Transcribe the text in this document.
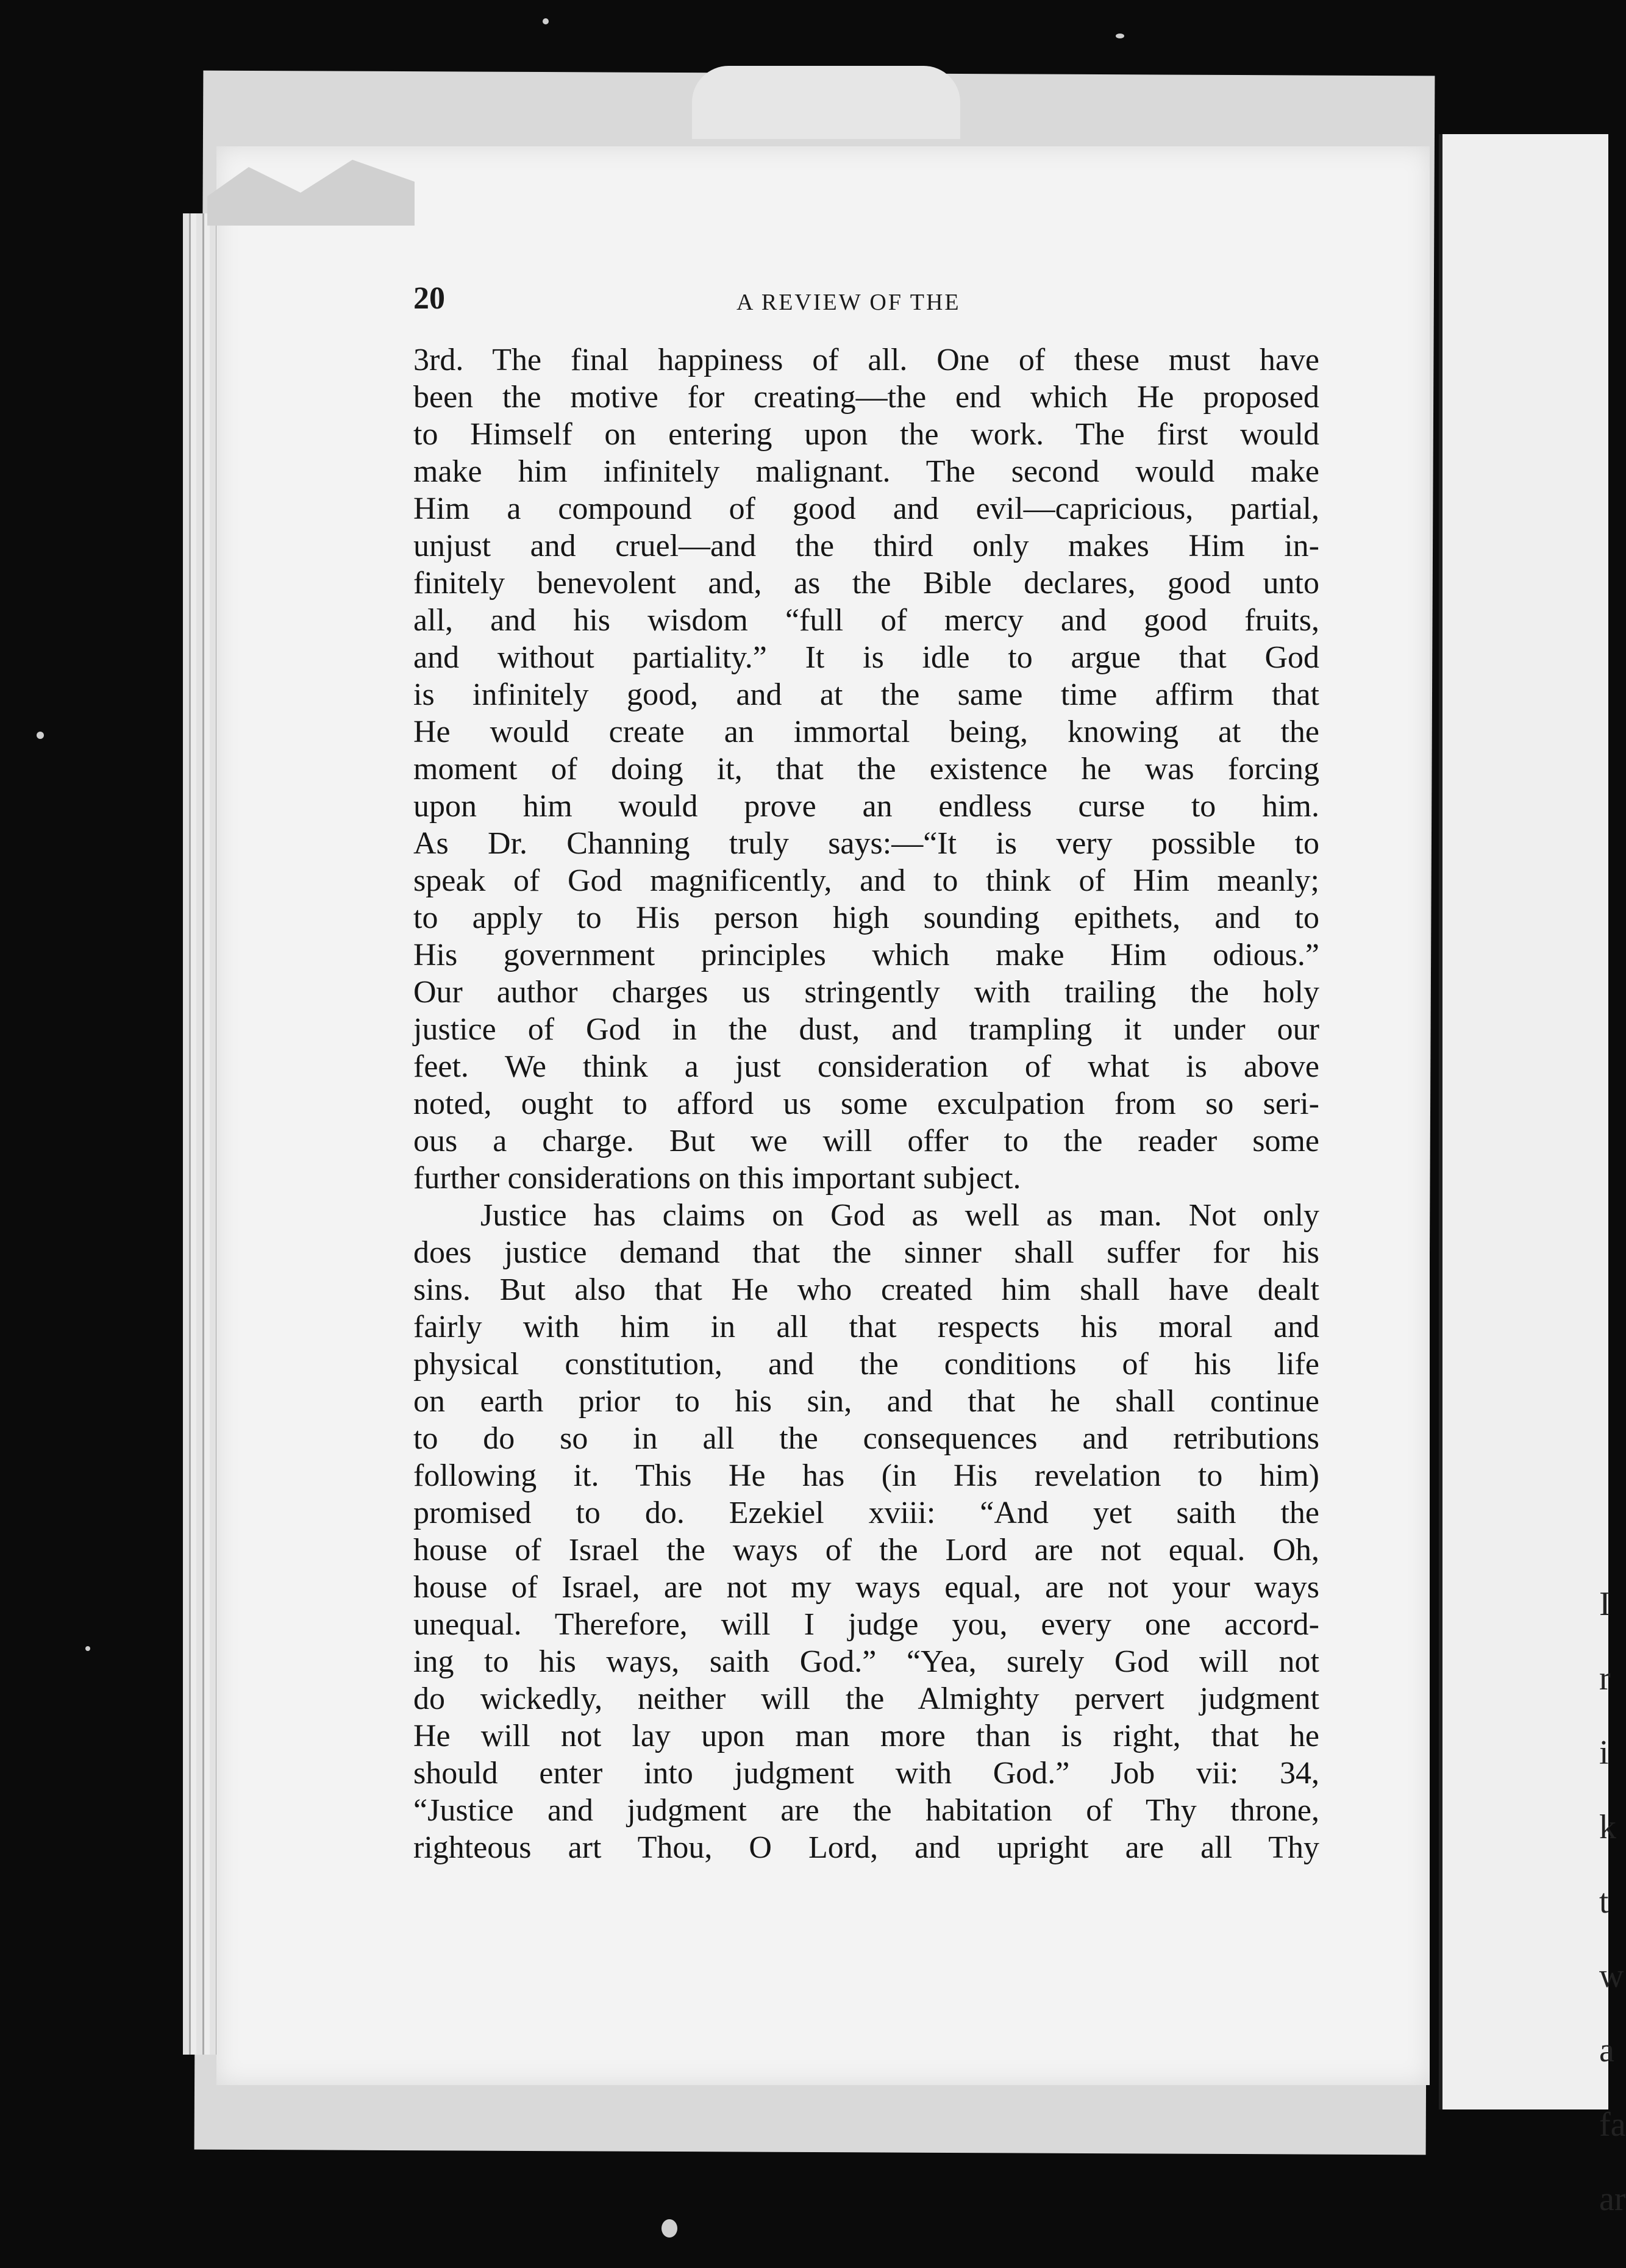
I

r

i

k

t

w

a

fa

ar

20	A REVIEW OF THE
3rd. The final happiness of all. One of these must have
been the motive for creating—the end which He proposed
to Himself on entering upon the work. The first would
make him infinitely malignant. The second would make
Him a compound of good and evil—capricious, partial,
unjust and cruel—and the third only makes Him in-
finitely benevolent and, as the Bible declares, good unto
all, and his wisdom “full of mercy and good fruits,
and without partiality.” It is idle to argue that God
is infinitely good, and at the same time affirm that
He would create an immortal being, knowing at the
moment of doing it, that the existence he was forcing
upon him would prove an endless curse to him.
As Dr. Channing truly says:—“It is very possible to
speak of God magnificently, and to think of Him meanly;
to apply to His person high sounding epithets, and to
His government principles which make Him odious.”
Our author charges us stringently with trailing the holy
justice of God in the dust, and trampling it under our
feet. We think a just consideration of what is above
noted, ought to afford us some exculpation from so seri-
ous a charge. But we will offer to the reader some
further considerations on this important subject.
Justice has claims on God as well as man. Not only
does justice demand that the sinner shall suffer for his
sins. But also that He who created him shall have dealt
fairly with him in all that respects his moral and
physical constitution, and the conditions of his life
on earth prior to his sin, and that he shall continue
to do so in all the consequences and retributions
following it. This He has (in His revelation to him)
promised to do. Ezekiel xviii: “And yet saith the
house of Israel the ways of the Lord are not equal. Oh,
house of Israel, are not my ways equal, are not your ways
unequal. Therefore, will I judge you, every one accord-
ing to his ways, saith God.” “Yea, surely God will not
do wickedly, neither will the Almighty pervert judgment
He will not lay upon man more than is right, that he
should enter into judgment with God.” Job vii: 34,
“Justice and judgment are the habitation of Thy throne,
righteous art Thou, O Lord, and upright are all Thy
